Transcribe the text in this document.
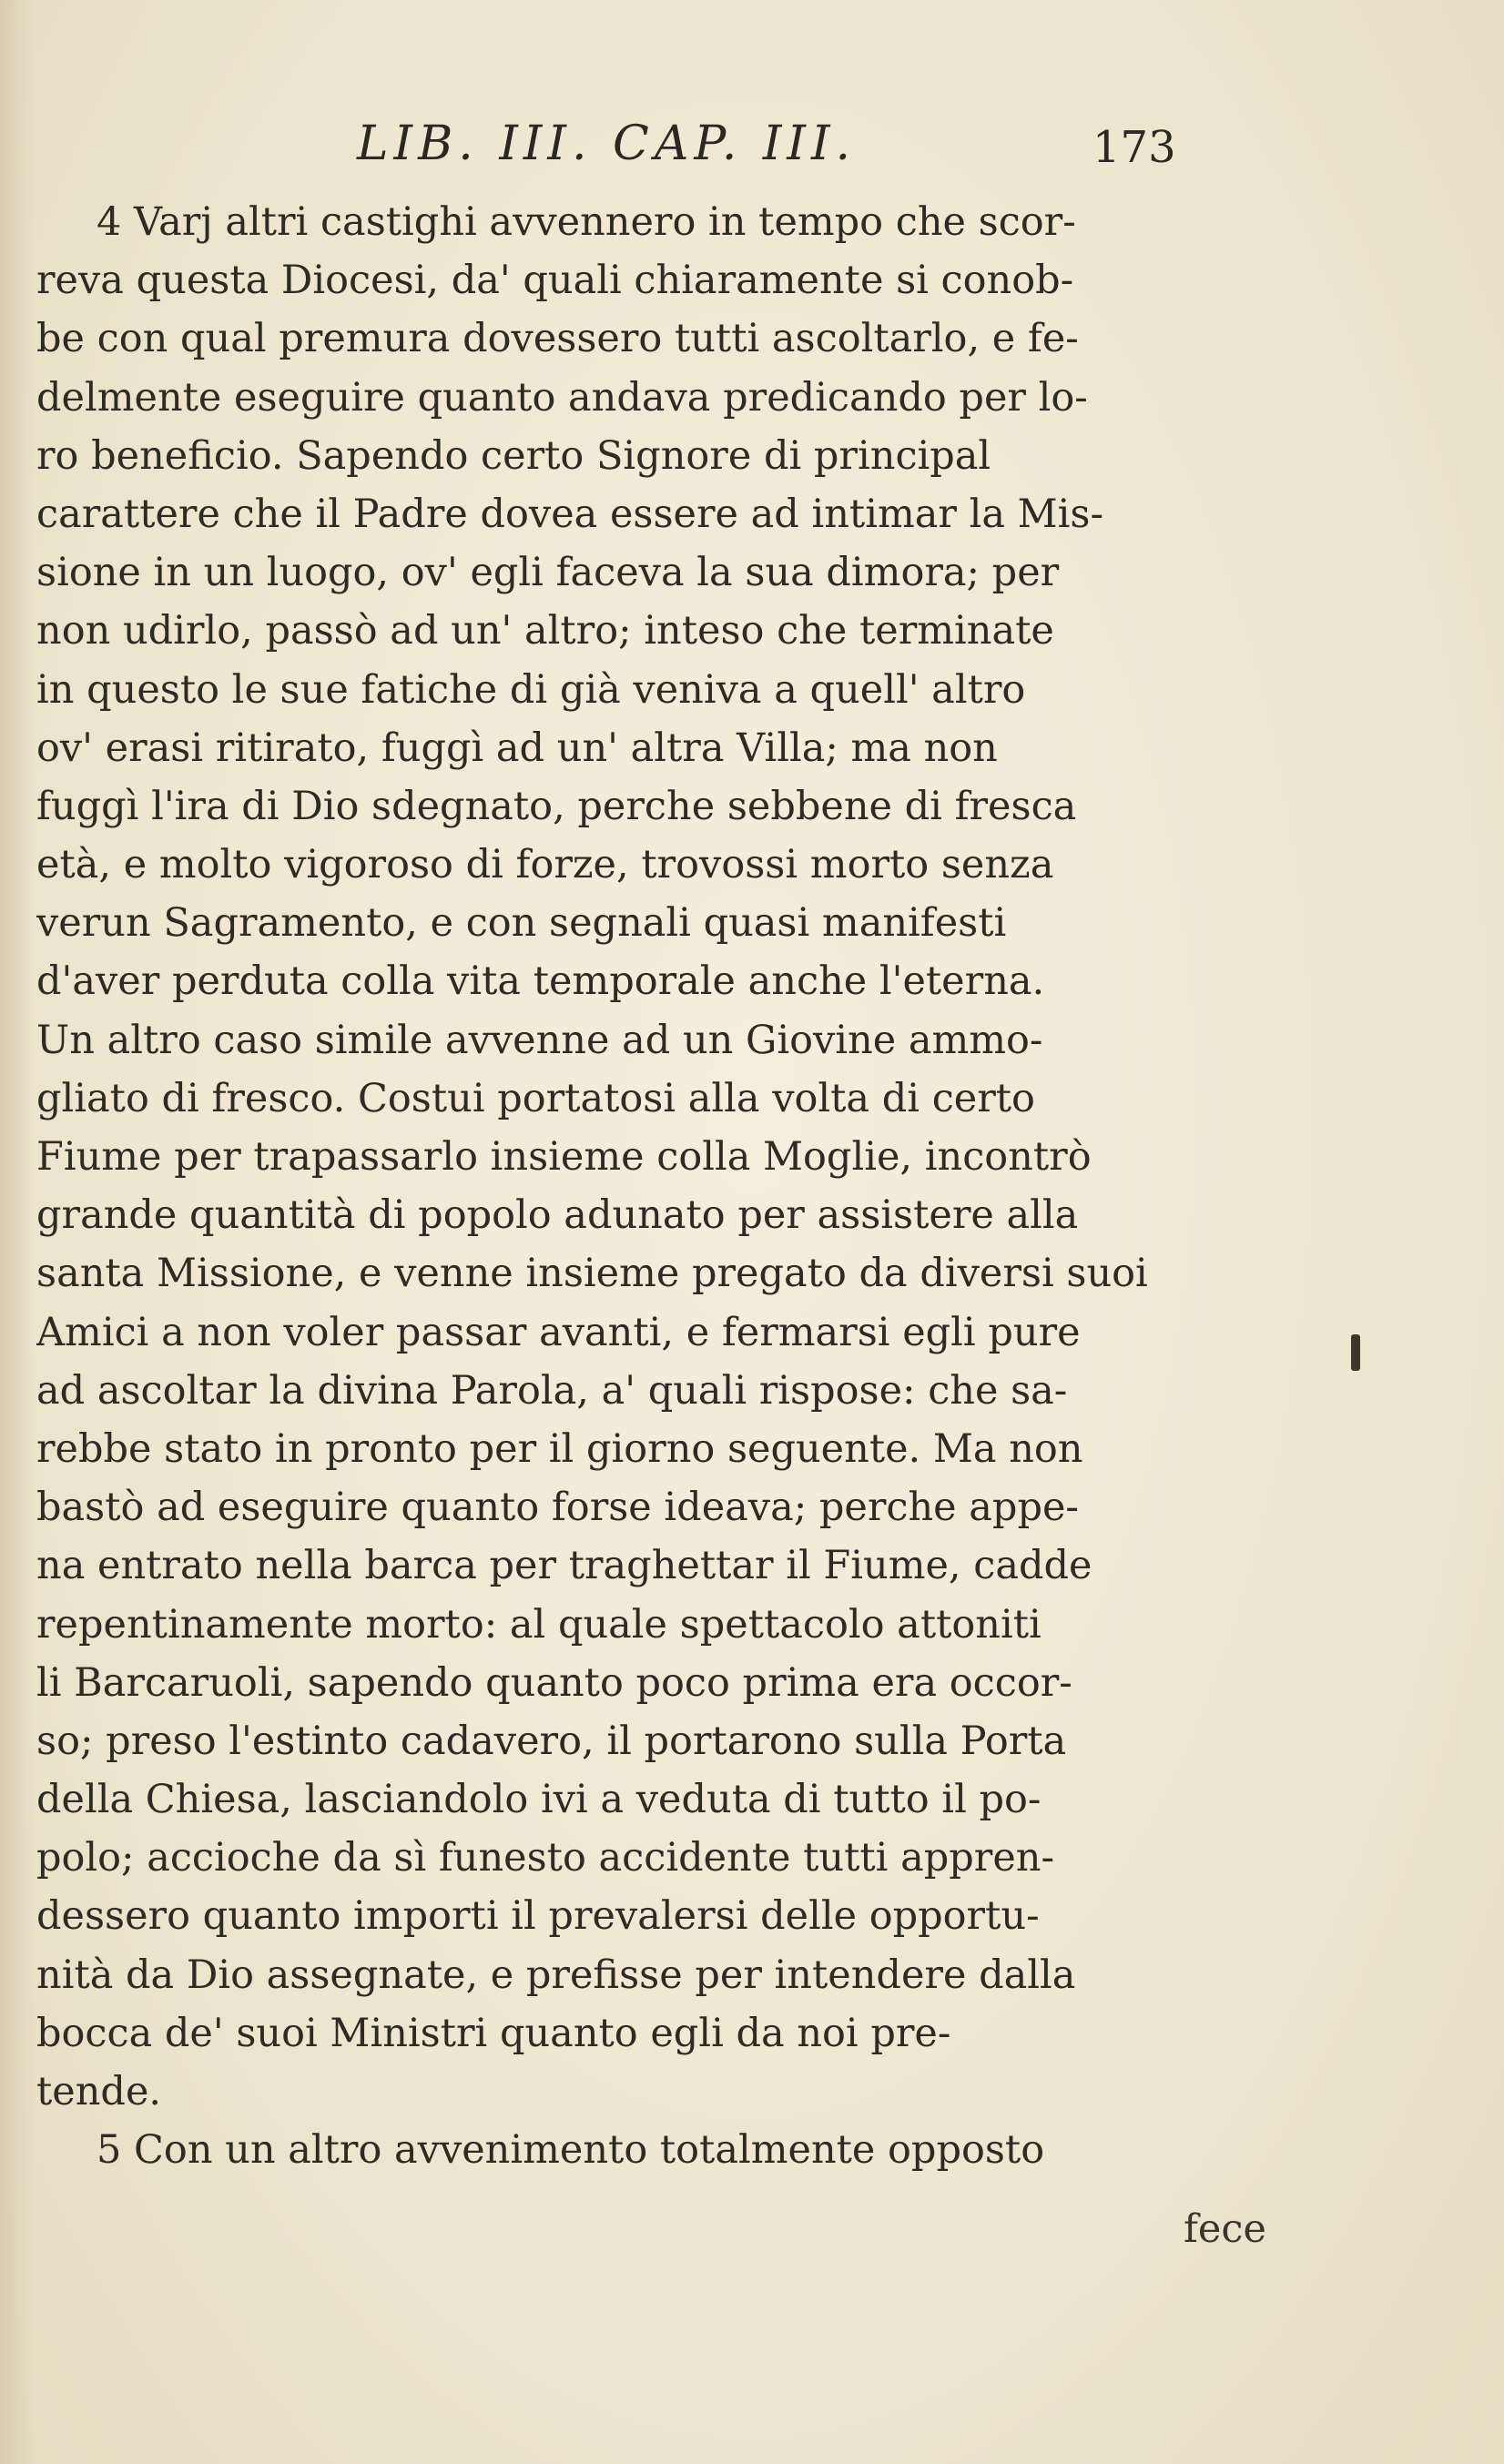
LIB. III. CAP. III.	173
4 Varj altri castighi avvennero in tempo che scor-
reva questa Diocesi, da' quali chiaramente si conob-
be con qual premura dovessero tutti ascoltarlo, e fe-
delmente eseguire quanto andava predicando per lo-
ro beneficio. Sapendo certo Signore di principal
carattere che il Padre dovea essere ad intimar la Mis-
sione in un luogo, ov' egli faceva la sua dimora; per
non udirlo, passò ad un' altro; inteso che terminate
in questo le sue fatiche di già veniva a quell' altro
ov' erasi ritirato, fuggì ad un' altra Villa; ma non
fuggì l'ira di Dio sdegnato, perche sebbene di fresca
età, e molto vigoroso di forze, trovossi morto senza
verun Sagramento, e con segnali quasi manifesti
d'aver perduta colla vita temporale anche l'eterna.
Un altro caso simile avvenne ad un Giovine ammo-
gliato di fresco. Costui portatosi alla volta di certo
Fiume per trapassarlo insieme colla Moglie, incontrò
grande quantità di popolo adunato per assistere alla
santa Missione, e venne insieme pregato da diversi suoi
Amici a non voler passar avanti, e fermarsi egli pure
ad ascoltar la divina Parola, a' quali rispose: che sa-
rebbe stato in pronto per il giorno seguente. Ma non
bastò ad eseguire quanto forse ideava; perche appe-
na entrato nella barca per traghettar il Fiume, cadde
repentinamente morto: al quale spettacolo attoniti
li Barcaruoli, sapendo quanto poco prima era occor-
so; preso l'estinto cadavero, il portarono sulla Porta
della Chiesa, lasciandolo ivi a veduta di tutto il po-
polo; accioche da sì funesto accidente tutti appren-
dessero quanto importi il prevalersi delle opportu-
nità da Dio assegnate, e prefisse per intendere dalla
bocca de' suoi Ministri quanto egli da noi pre-
tende.
5 Con un altro avvenimento totalmente opposto
fece
